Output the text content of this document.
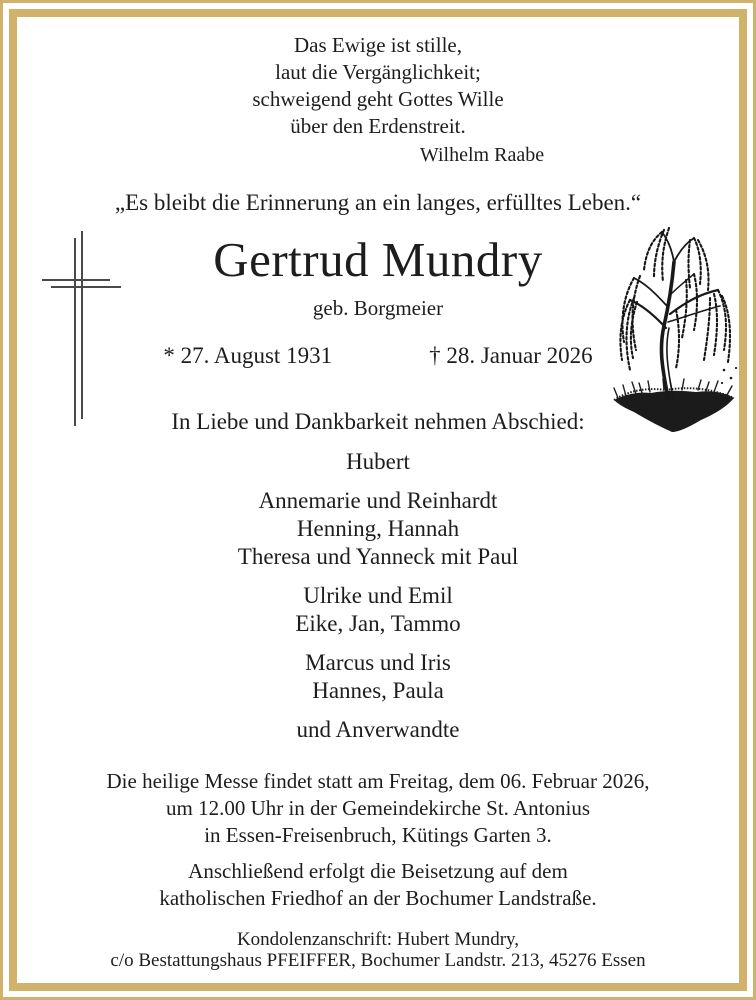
Das Ewige ist stille,
laut die Vergänglichkeit;
schweigend geht Gottes Wille
über den Erdenstreit.
Wilhelm Raabe
„Es bleibt die Erinnerung an ein langes, erfülltes Leben.“
Gertrud Mundry
geb. Borgmeier
* 27. August 1931	† 28. Januar 2026
In Liebe und Dankbarkeit nehmen Abschied:
Hubert
Annemarie und Reinhardt
Henning, Hannah
Theresa und Yanneck mit Paul
Ulrike und Emil
Eike, Jan, Tammo
Marcus und Iris
Hannes, Paula
und Anverwandte
Die heilige Messe findet statt am Freitag, dem 06. Februar 2026,
um 12.00 Uhr in der Gemeindekirche St. Antonius
in Essen-Freisenbruch, Kütings Garten 3.
Anschließend erfolgt die Beisetzung auf dem
katholischen Friedhof an der Bochumer Landstraße.
Kondolenzanschrift: Hubert Mundry,
c/o Bestattungshaus PFEIFFER, Bochumer Landstr. 213, 45276 Essen
